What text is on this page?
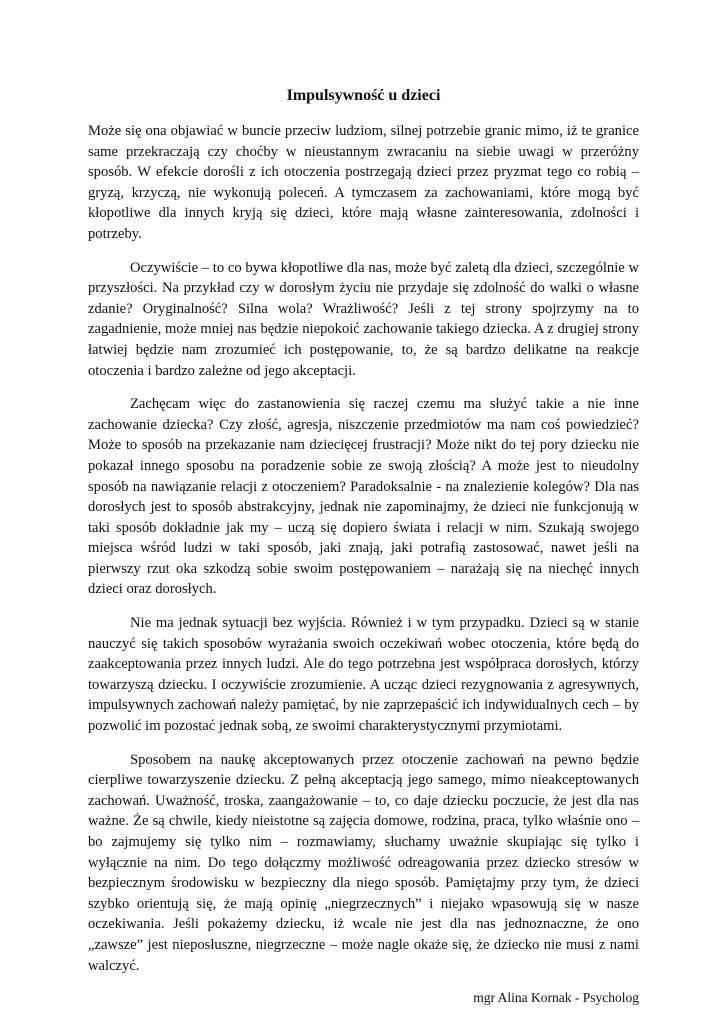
Impulsywność u dzieci

Może się ona objawiać w buncie przeciw ludziom, silnej potrzebie granic mimo, iż te granice same przekraczają czy choćby w nieustannym zwracaniu na siebie uwagi w przeróżny sposób. W efekcie dorośli z ich otoczenia postrzegają dzieci przez pryzmat tego co robią – gryzą, krzyczą, nie wykonują poleceń. A tymczasem za zachowaniami, które mogą być kłopotliwe dla innych kryją się dzieci, które mają własne zainteresowania, zdolności i potrzeby.

Oczywiście – to co bywa kłopotliwe dla nas, może być zaletą dla dzieci, szczególnie w przyszłości. Na przykład czy w dorosłym życiu nie przydaje się zdolność do walki o własne zdanie? Oryginalność? Silna wola? Wrażliwość? Jeśli z tej strony spojrzymy na to zagadnienie, może mniej nas będzie niepokoić zachowanie takiego dziecka. A z drugiej strony łatwiej będzie nam zrozumieć ich postępowanie, to, że są bardzo delikatne na reakcje otoczenia i bardzo zależne od jego akceptacji.

Zachęcam więc do zastanowienia się raczej czemu ma służyć takie a nie inne zachowanie dziecka? Czy złość, agresja, niszczenie przedmiotów ma nam coś powiedzieć? Może to sposób na przekazanie nam dziecięcej frustracji? Może nikt do tej pory dziecku nie pokazał innego sposobu na poradzenie sobie ze swoją złością? A może jest to nieudolny sposób na nawiązanie relacji z otoczeniem? Paradoksalnie - na znalezienie kolegów? Dla nas dorosłych jest to sposób abstrakcyjny, jednak nie zapominajmy, że dzieci nie funkcjonują w taki sposób dokładnie jak my – uczą się dopiero świata i relacji w nim. Szukają swojego miejsca wśród ludzi w taki sposób, jaki znają, jaki potrafią zastosować, nawet jeśli na pierwszy rzut oka szkodzą sobie swoim postępowaniem – narażają się na niechęć innych dzieci oraz dorosłych.

Nie ma jednak sytuacji bez wyjścia. Również i w tym przypadku. Dzieci są w stanie nauczyć się takich sposobów wyrażania swoich oczekiwań wobec otoczenia, które będą do zaakceptowania przez innych ludzi. Ale do tego potrzebna jest współpraca dorosłych, którzy towarzyszą dziecku. I oczywiście zrozumienie. A ucząc dzieci rezygnowania z agresywnych, impulsywnych zachowań należy pamiętać, by nie zaprzepaścić ich indywidualnych cech – by pozwolić im pozostać jednak sobą, ze swoimi charakterystycznymi przymiotami.

Sposobem na naukę akceptowanych przez otoczenie zachowań na pewno będzie cierpliwe towarzyszenie dziecku. Z pełną akceptacją jego samego, mimo nieakceptowanych zachowań. Uważność, troska, zaangażowanie – to, co daje dziecku poczucie, że jest dla nas ważne. Że są chwile, kiedy nieistotne są zajęcia domowe, rodzina, praca, tylko właśnie ono – bo zajmujemy się tylko nim – rozmawiamy, słuchamy uważnie skupiając się tylko i wyłącznie na nim. Do tego dołączmy możliwość odreagowania przez dziecko stresów w bezpiecznym środowisku w bezpieczny dla niego sposób. Pamiętajmy przy tym, że dzieci szybko orientują się, że mają opinię „niegrzecznych” i niejako wpasowują się w nasze oczekiwania. Jeśli pokażemy dziecku, iż wcale nie jest dla nas jednoznaczne, że ono „zawsze” jest nieposłuszne, niegrzeczne – może nagle okaże się, że dziecko nie musi z nami walczyć.

mgr Alina Kornak - Psycholog
